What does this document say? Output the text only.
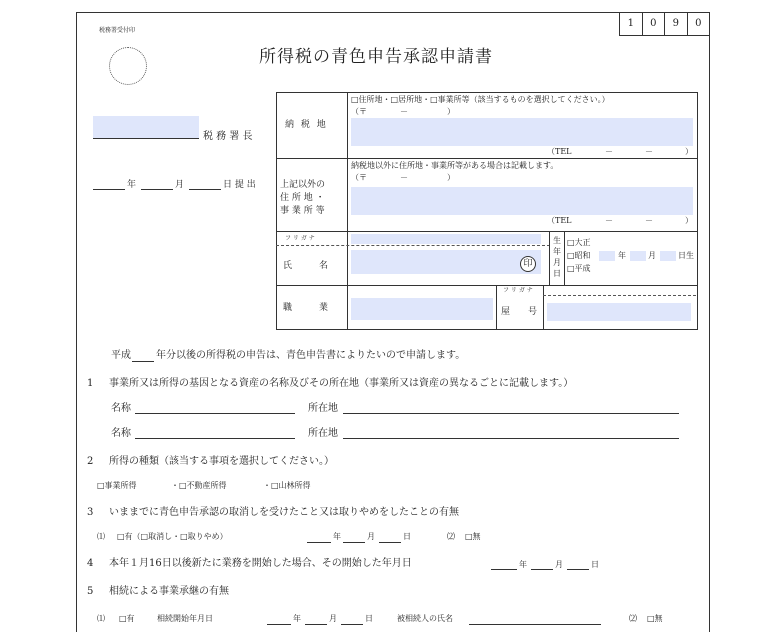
税務署受付印
1	0	9	0
所得税の青色申告承認申請書
税 務 署 長
年	月	日 提 出
納 税 地
□住所地・□居所地・□事業所等（該当するものを選択してください。）
（〒	－	）
（TEL	－	－	）
上記以外の
住 所 地 ・
事 業 所 等
納税地以外に住所地・事業所等がある場合は記載します。
（〒	－	）
（TEL	－	－	）
フ リ ガ ナ
氏　　　名	印
生
年
月
日
□大正
□昭和
□平成
年	月	日生
職　　　業
フ リ ガ ナ
屋　　号
平成	年分以後の所得税の申告は、青色申告書によりたいので申請します。
1 事業所又は所得の基因となる資産の名称及びその所在地（事業所又は資産の異なるごとに記載します。）
名称	所在地
名称	所在地
2 所得の種類（該当する事項を選択してください。）
□事業所得	・□不動産所得	・□山林所得
3 いままでに青色申告承認の取消しを受けたこと又は取りやめをしたことの有無
⑴ □有（□取消し・□取りやめ）	年	月	日	⑵ □無
4 本年１月16日以後新たに業務を開始した場合、その開始した年月日	年	月	日
5 相続による事業承継の有無
⑴ □有	相続開始年月日	年	月	日	被相続人の氏名	⑵ □無
